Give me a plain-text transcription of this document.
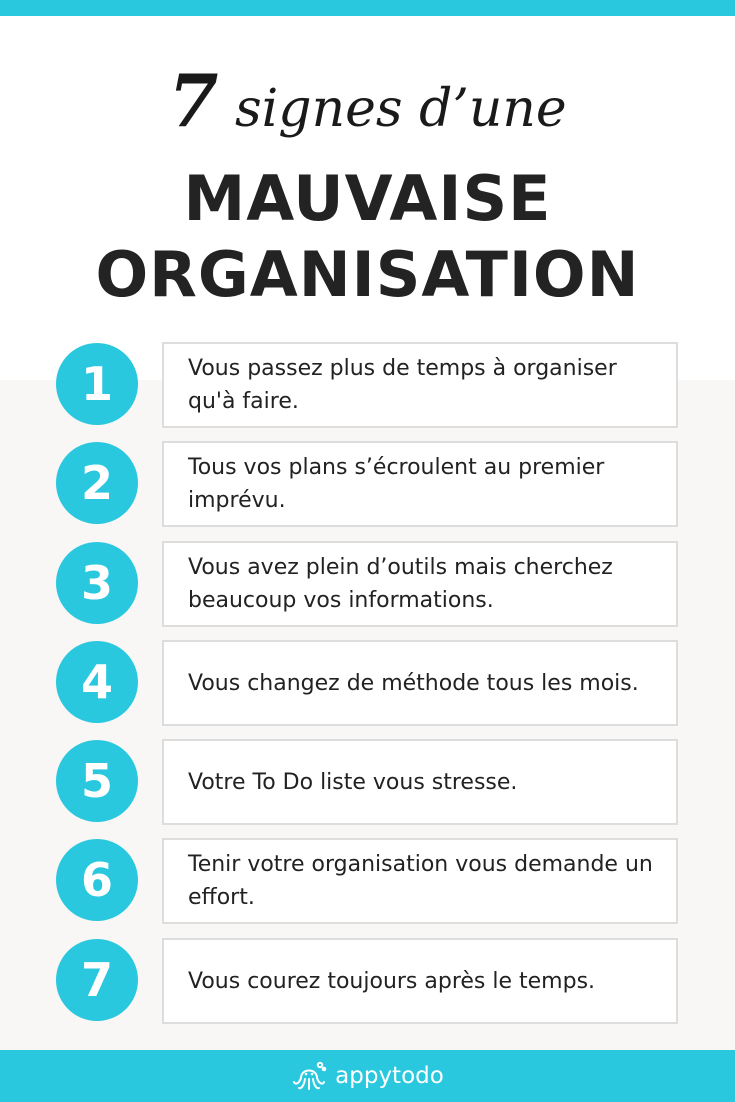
7 signes d’une
MAUVAISE
ORGANISATION
1	Vous passez plus de temps à organiser qu'à faire.
2	Tous vos plans s’écroulent au premier imprévu.
3	Vous avez plein d’outils mais cherchez beaucoup vos informations.
4	Vous changez de méthode tous les mois.
5	Votre To Do liste vous stresse.
6	Tenir votre organisation vous demande un effort.
7	Vous courez toujours après le temps.
appytodo
